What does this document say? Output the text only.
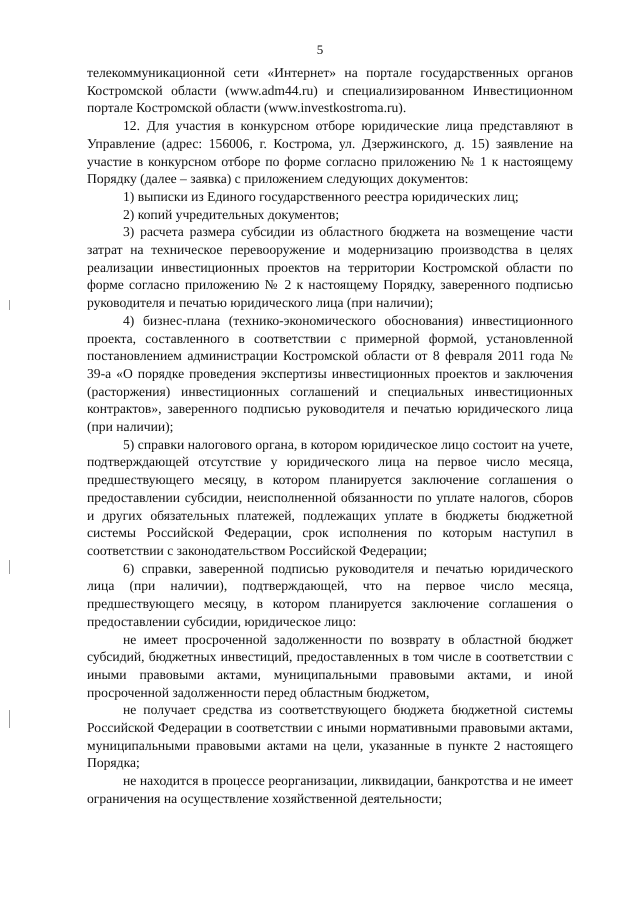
5

телекоммуникационной сети «Интернет» на портале государственных органов Костромской области (www.adm44.ru) и специализированном Инвестиционном портале Костромской области (www.investkostroma.ru).

12. Для участия в конкурсном отборе юридические лица представляют в Управление (адрес: 156006, г. Кострома, ул. Дзержинского, д. 15) заявление на участие в конкурсном отборе по форме согласно приложению № 1 к настоящему Порядку (далее – заявка) с приложением следующих документов:

1) выписки из Единого государственного реестра юридических лиц;

2) копий учредительных документов;

3) расчета размера субсидии из областного бюджета на возмещение части затрат на техническое перевооружение и модернизацию производства в целях реализации инвестиционных проектов на территории Костромской области по форме согласно приложению № 2 к настоящему Порядку, заверенного подписью руководителя и печатью юридического лица (при наличии);

4) бизнес-плана (технико-экономического обоснования) инвестиционного проекта, составленного в соответствии с примерной формой, установленной постановлением администрации Костромской области от 8 февраля 2011 года № 39-а «О порядке проведения экспертизы инвестиционных проектов и заключения (расторжения) инвестиционных соглашений и специальных инвестиционных контрактов», заверенного подписью руководителя и печатью юридического лица (при наличии);

5) справки налогового органа, в котором юридическое лицо состоит на учете, подтверждающей отсутствие у юридического лица на первое число месяца, предшествующего месяцу, в котором планируется заключение соглашения о предоставлении субсидии, неисполненной обязанности по уплате налогов, сборов и других обязательных платежей, подлежащих уплате в бюджеты бюджетной системы Российской Федерации, срок исполнения по которым наступил в соответствии с законодательством Российской Федерации;

6) справки, заверенной подписью руководителя и печатью юридического лица (при наличии), подтверждающей, что на первое число месяца, предшествующего месяцу, в котором планируется заключение соглашения о предоставлении субсидии, юридическое лицо:

не имеет просроченной задолженности по возврату в областной бюджет субсидий, бюджетных инвестиций, предоставленных в том числе в соответствии с иными правовыми актами, муниципальными правовыми актами, и иной просроченной задолженности перед областным бюджетом,

не получает средства из соответствующего бюджета бюджетной системы Российской Федерации в соответствии с иными нормативными правовыми актами, муниципальными правовыми актами на цели, указанные в пункте 2 настоящего Порядка;

не находится в процессе реорганизации, ликвидации, банкротства и не имеет ограничения на осуществление хозяйственной деятельности;
